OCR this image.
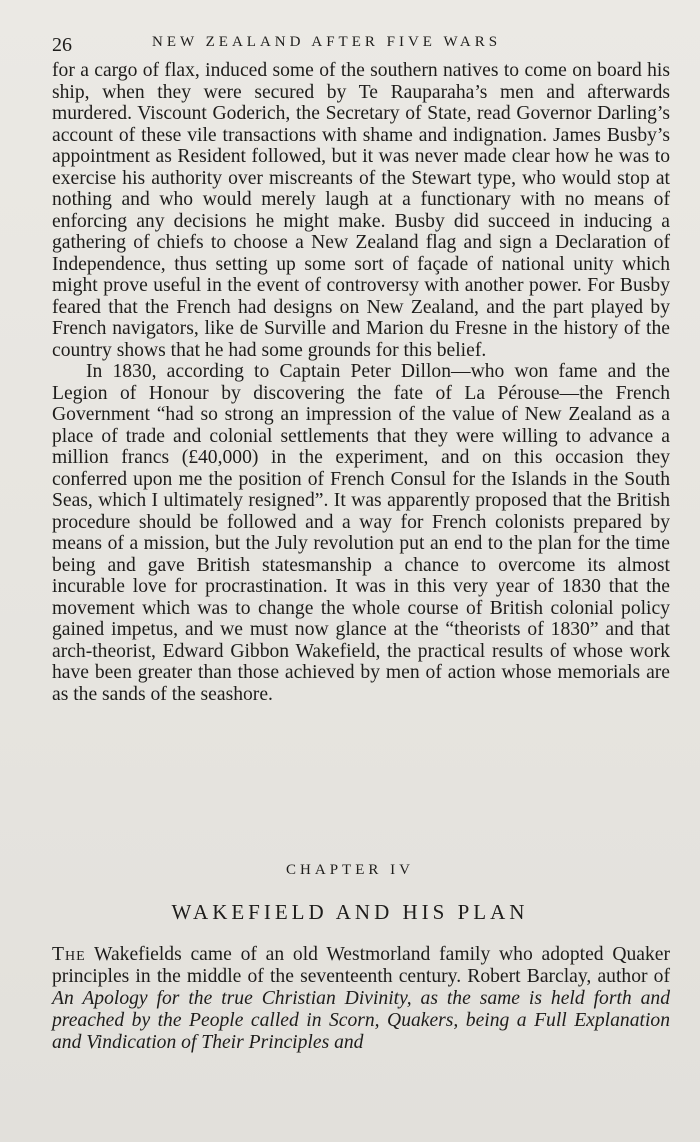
26	NEW ZEALAND AFTER FIVE WARS

for a cargo of flax, induced some of the southern natives to come on board his ship, when they were secured by Te Rauparaha’s men and afterwards murdered. Viscount Goderich, the Secretary of State, read Governor Darling’s account of these vile transactions with shame and indignation. James Busby’s appointment as Resident followed, but it was never made clear how he was to exercise his authority over miscreants of the Stewart type, who would stop at nothing and who would merely laugh at a functionary with no means of enforcing any decisions he might make. Busby did succeed in inducing a gathering of chiefs to choose a New Zealand flag and sign a Declaration of Independence, thus setting up some sort of façade of national unity which might prove useful in the event of controversy with another power. For Busby feared that the French had designs on New Zealand, and the part played by French navigators, like de Surville and Marion du Fresne in the history of the country shows that he had some grounds for this belief.

In 1830, according to Captain Peter Dillon—who won fame and the Legion of Honour by discovering the fate of La Pérouse—the French Government “had so strong an impression of the value of New Zealand as a place of trade and colonial settlements that they were willing to advance a million francs (£40,000) in the experiment, and on this occasion they conferred upon me the position of French Consul for the Islands in the South Seas, which I ultimately resigned”. It was apparently proposed that the British procedure should be followed and a way for French colonists prepared by means of a mission, but the July revolution put an end to the plan for the time being and gave British statesmanship a chance to overcome its almost incurable love for procrastination. It was in this very year of 1830 that the movement which was to change the whole course of British colonial policy gained impetus, and we must now glance at the “theorists of 1830” and that arch-theorist, Edward Gibbon Wakefield, the practical results of whose work have been greater than those achieved by men of action whose memorials are as the sands of the seashore.

CHAPTER IV
WAKEFIELD AND HIS PLAN

The Wakefields came of an old Westmorland family who adopted Quaker principles in the middle of the seventeenth century. Robert Barclay, author of An Apology for the true Christian Divinity, as the same is held forth and preached by the People called in Scorn, Quakers, being a Full Explanation and Vindication of Their Principles and
